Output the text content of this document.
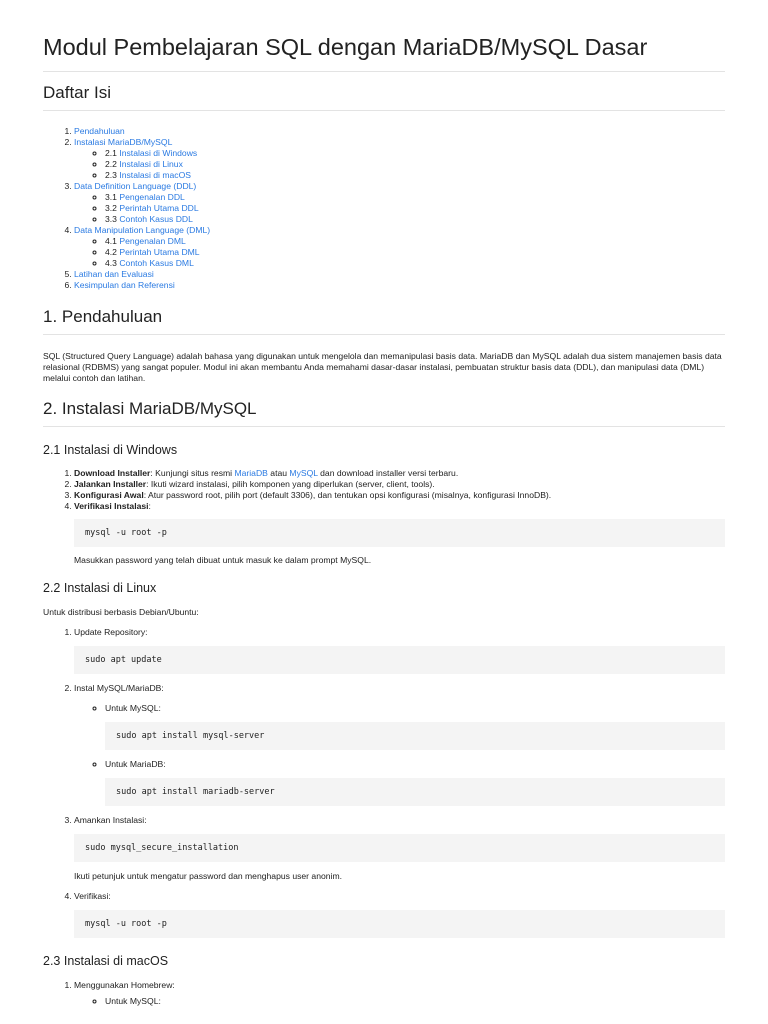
Modul Pembelajaran SQL dengan MariaDB/MySQL Dasar
Daftar Isi
1. Pendahuluan
2. Instalasi MariaDB/MySQL
◦ 2.1 Instalasi di Windows
◦ 2.2 Instalasi di Linux
◦ 2.3 Instalasi di macOS
3. Data Definition Language (DDL)
◦ 3.1 Pengenalan DDL
◦ 3.2 Perintah Utama DDL
◦ 3.3 Contoh Kasus DDL
4. Data Manipulation Language (DML)
◦ 4.1 Pengenalan DML
◦ 4.2 Perintah Utama DML
◦ 4.3 Contoh Kasus DML
5. Latihan dan Evaluasi
6. Kesimpulan dan Referensi
1. Pendahuluan

SQL (Structured Query Language) adalah bahasa yang digunakan untuk mengelola dan memanipulasi basis data. MariaDB dan MySQL adalah dua sistem manajemen basis data relasional (RDBMS) yang sangat populer. Modul ini akan membantu Anda memahami dasar-dasar instalasi, pembuatan struktur basis data (DDL), dan manipulasi data (DML) melalui contoh dan latihan.

2. Instalasi MariaDB/MySQL
2.1 Instalasi di Windows
1. Download Installer: Kunjungi situs resmi MariaDB atau MySQL dan download installer versi terbaru.
2. Jalankan Installer: Ikuti wizard instalasi, pilih komponen yang diperlukan (server, client, tools).
3. Konfigurasi Awal: Atur password root, pilih port (default 3306), dan tentukan opsi konfigurasi (misalnya, konfigurasi InnoDB).
4. Verifikasi Instalasi:
mysql -u root -p

Masukkan password yang telah dibuat untuk masuk ke dalam prompt MySQL.

2.2 Instalasi di Linux

Untuk distribusi berbasis Debian/Ubuntu:

1. Update Repository:
sudo apt update
2. Instal MySQL/MariaDB:
◦ Untuk MySQL:
sudo apt install mysql-server
◦ Untuk MariaDB:
sudo apt install mariadb-server
3. Amankan Instalasi:
sudo mysql_secure_installation

Ikuti petunjuk untuk mengatur password dan menghapus user anonim.

4. Verifikasi:
mysql -u root -p
2.3 Instalasi di macOS
1. Menggunakan Homebrew:
◦ Untuk MySQL:
